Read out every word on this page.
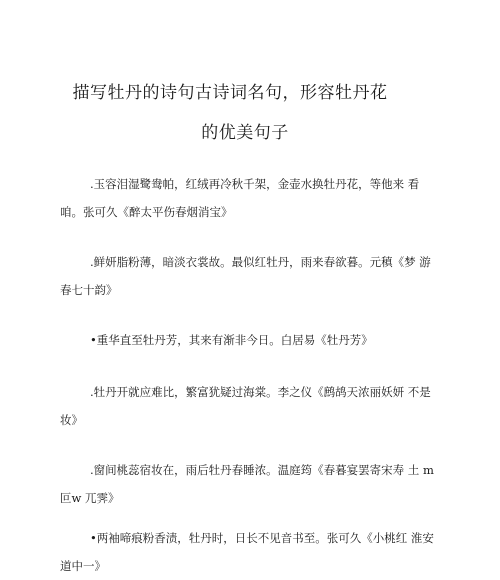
描写牡丹的诗句古诗词名句，形容牡丹花
的优美句子
.玉容泪湿鹭鸯帕，红绒再冷秋千架，金壶水换牡丹花，等他来 看
咱。张可久《醉太平伤春烟消宝》
.鲜妍脂粉薄，暗淡衣裳故。最似红牡丹，雨来春欲暮。元稹《梦 游
春七十韵》
•重华直至牡丹芳，其来有渐非今日。白居易《牡丹芳》
.牡丹开就应难比，繁富犹疑过海棠。李之仪《鹧鸪天浓丽妖妍 不是
妆》
.窗间桃蕊宿妆在，雨后牡丹春睡浓。温庭筠《春暮宴罢寄宋寿 土 m
叵w 兀霁》
•两袖啼痕粉香渍，牡丹时，日长不见音书至。张可久《小桃红 淮安
道中一》
